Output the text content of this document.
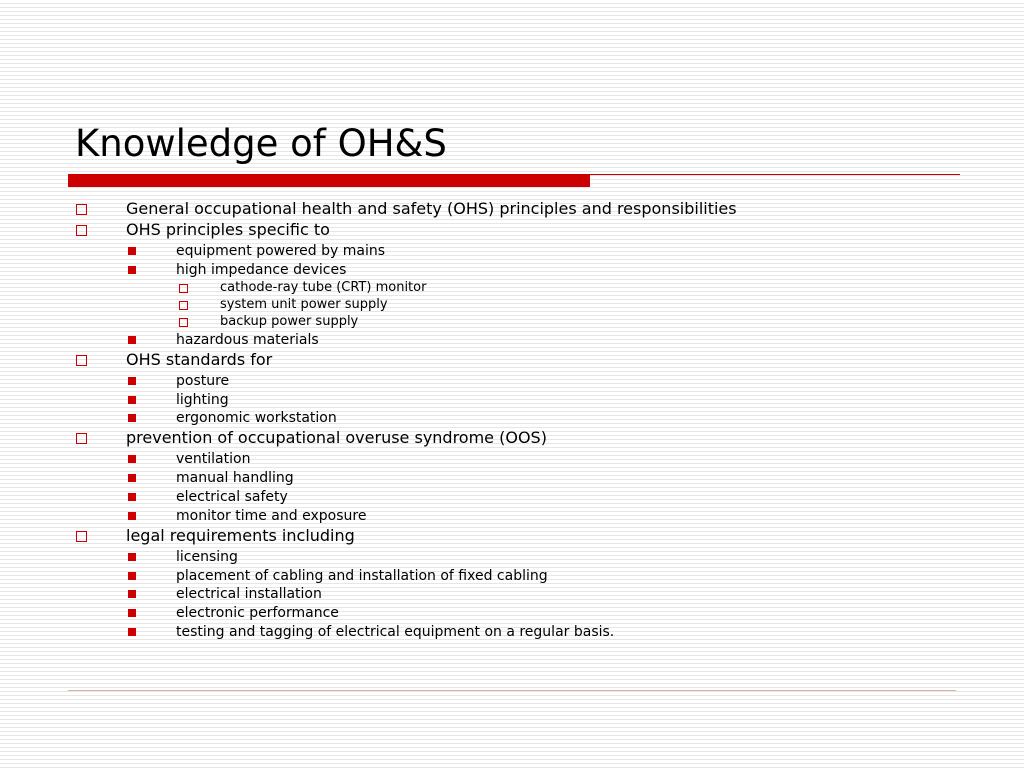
Knowledge of OH&S
General occupational health and safety (OHS) principles and responsibilities
OHS principles specific to
equipment powered by mains
high impedance devices
cathode-ray tube (CRT) monitor
system unit power supply
backup power supply
hazardous materials
OHS standards for
posture
lighting
ergonomic workstation
prevention of occupational overuse syndrome (OOS)
ventilation
manual handling
electrical safety
monitor time and exposure
legal requirements including
licensing
placement of cabling and installation of fixed cabling
electrical installation
electronic performance
testing and tagging of electrical equipment on a regular basis.
